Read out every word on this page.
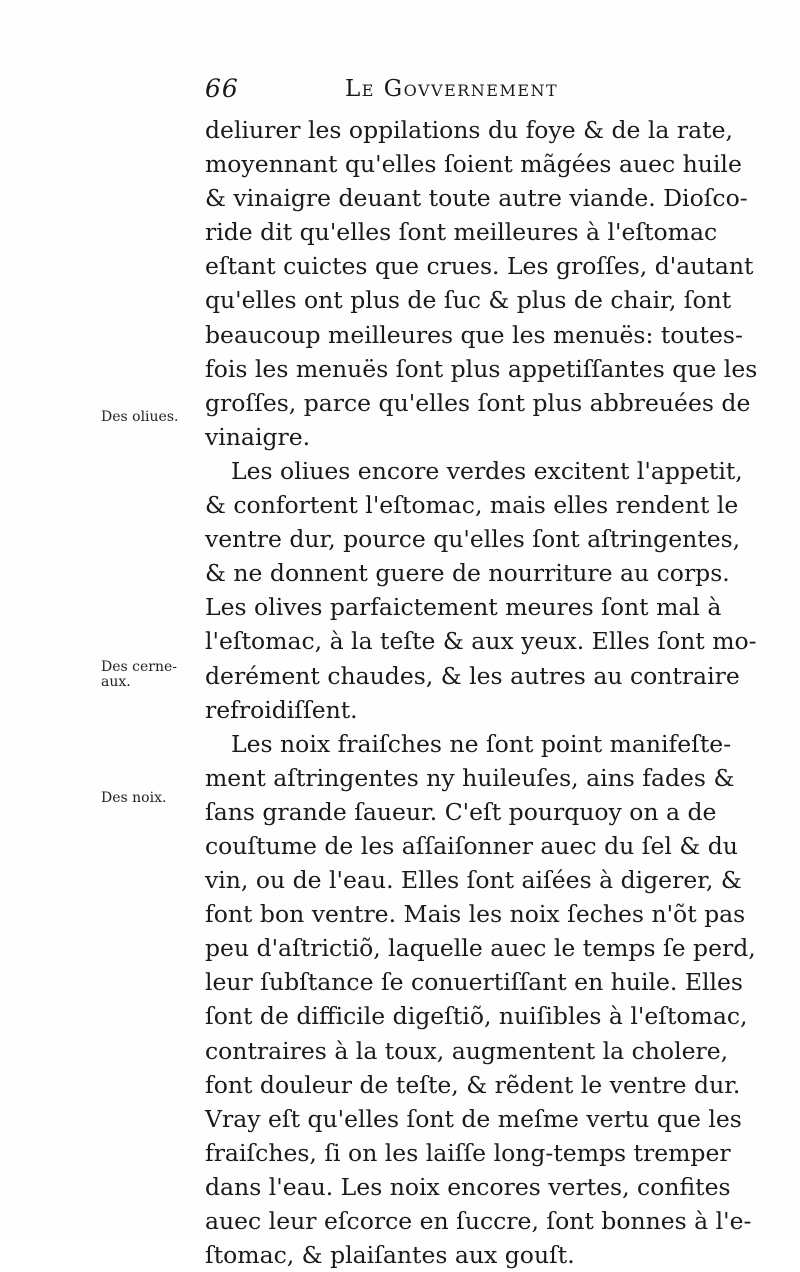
66	Le Govvernement
Des oliues.
Des cerne-
aux.
Des noix.
deliurer les oppilations du foye & de la rate,
moyennant qu'elles ſoient mãgées auec huile
& vinaigre deuant toute autre viande. Dioſco-
ride dit qu'elles ſont meilleures à l'eſtomac
eſtant cuictes que crues. Les groſſes, d'autant
qu'elles ont plus de ſuc & plus de chair, ſont
beaucoup meilleures que les menuës: toutes-
fois les menuës ſont plus appetiſſantes que les
groſſes, parce qu'elles ſont plus abbreuées de
vinaigre.
Les oliues encore verdes excitent l'appetit,
& confortent l'eſtomac, mais elles rendent le
ventre dur, pource qu'elles ſont aſtringentes,
& ne donnent guere de nourriture au corps.
Les olives parfaictement meures ſont mal à
l'eſtomac, à la teſte & aux yeux. Elles ſont mo-
derément chaudes, & les autres au contraire
refroidiſſent.
Les noix fraiſches ne ſont point manifeſte-
ment aſtringentes ny huileuſes, ains fades &
ſans grande ſaueur. C'eſt pourquoy on a de
couſtume de les aſſaiſonner auec du ſel & du
vin, ou de l'eau. Elles ſont aiſées à digerer, &
font bon ventre. Mais les noix ſeches n'õt pas
peu d'aſtrictiõ, laquelle auec le temps ſe perd,
leur ſubſtance ſe conuertiſſant en huile. Elles
ſont de difficile digeſtiõ, nuiſibles à l'eſtomac,
contraires à la toux, augmentent la cholere,
font douleur de teſte, & rẽdent le ventre dur.
Vray eſt qu'elles ſont de meſme vertu que les
fraiſches, ſi on les laiſſe long-temps tremper
dans l'eau. Les noix encores vertes, confites
auec leur eſcorce en ſuccre, ſont bonnes à l'e-
ſtomac, & plaiſantes aux gouſt.
